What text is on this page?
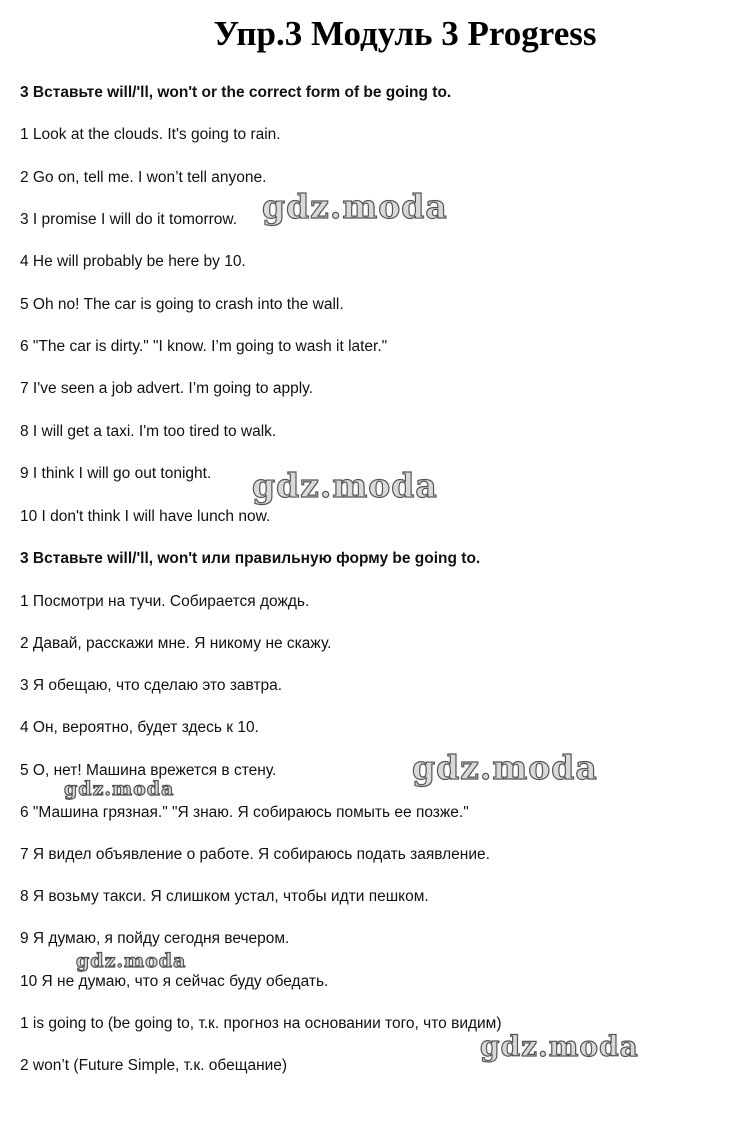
Упр.3 Модуль 3 Progress
3 Вставьте will/'ll, won't or the correct form of be going to.
1 Look at the clouds. It's going to rain.
2 Go on, tell me. I won’t tell anyone.
3 I promise I will do it tomorrow.
4 He will probably be here by 10.
5 Oh no! The car is going to crash into the wall.
6 "The car is dirty." "I know. I’m going to wash it later."
7 I've seen a job advert. I’m going to apply.
8 I will get a taxi. I'm too tired to walk.
9 I think I will go out tonight.
10 I don't think I will have lunch now.
3 Вставьте will/'ll, won't или правильную форму be going to.
1 Посмотри на тучи. Собирается дождь.
2 Давай, расскажи мне. Я никому не скажу.
3 Я обещаю, что сделаю это завтра.
4 Он, вероятно, будет здесь к 10.
5 О, нет! Машина врежется в стену.
6 "Машина грязная." "Я знаю. Я собираюсь помыть ее позже."
7 Я видел объявление о работе. Я собираюсь подать заявление.
8 Я возьму такси. Я слишком устал, чтобы идти пешком.
9 Я думаю, я пойду сегодня вечером.
10 Я не думаю, что я сейчас буду обедать.
1 is going to (be going to, т.к. прогноз на основании того, что видим)
2 won’t (Future Simple, т.к. обещание)
gdz.moda
gdz.moda
gdz.moda
gdz.moda
gdz.moda
gdz.moda
